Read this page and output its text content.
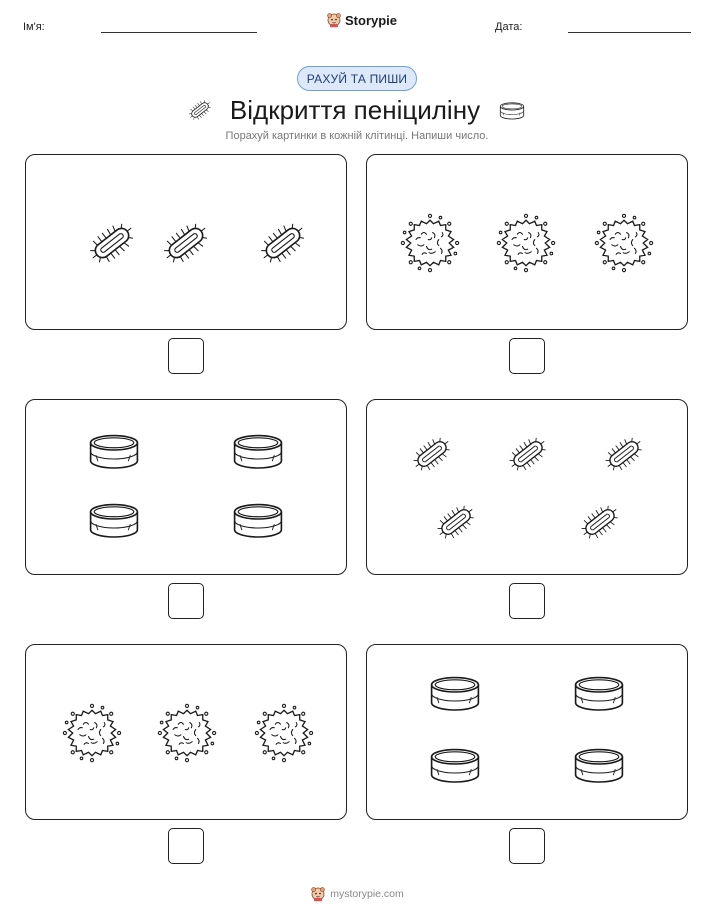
Ім'я:	Storypie	Дата:
РАХУЙ ТА ПИШИ
Відкриття пеніциліну
Порахуй картинки в кожній клітинці. Напиши число.
mystorypie.com
